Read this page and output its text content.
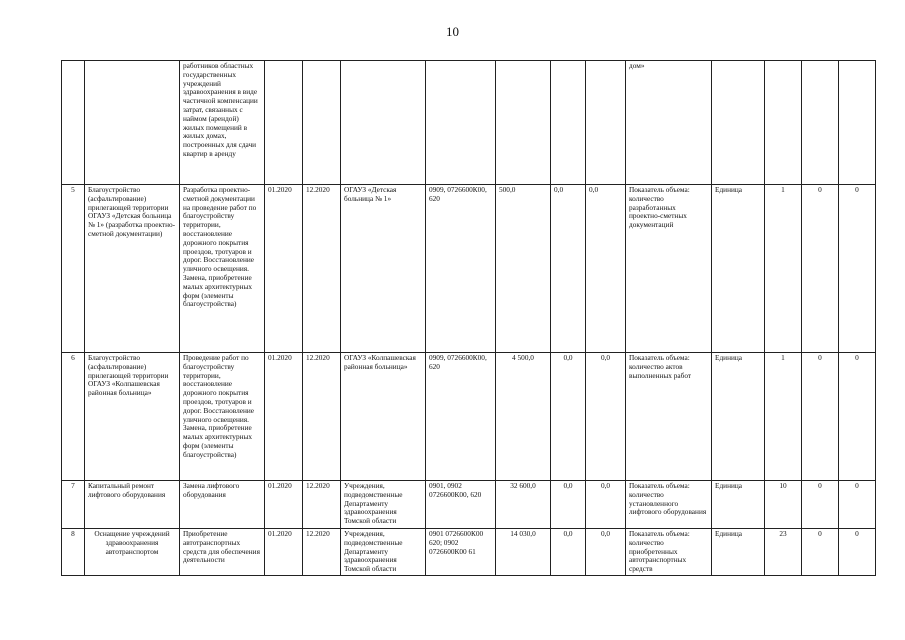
10
		работников областных государственных учреждений здравоохранения в виде частичной компенсации затрат, связанных с наймом (арендой) жилых помещений в жилых домах, построенных для сдачи квартир в аренду								дом»				
5	Благоустройство (асфальтирование) прилегающей территории ОГАУЗ «Детская больница № 1» (разработка проектно-сметной документации)	Разработка проектно-сметной документации на проведение работ по благоустройству территории, восстановление дорожного покрытия проездов, тротуаров и дорог. Восстановление уличного освещения. Замена, приобретение малых архитектурных форм (элементы благоустройства)	01.2020	12.2020	ОГАУЗ «Детская больница № 1»	0909, 0726600К00, 620	500,0	0,0	0,0	Показатель объема: количество разработанных проектно-сметных документаций	Единица	1	0	0
6	Благоустройство (асфальтирование) прилегающей территории ОГАУЗ «Колпашевская районная больница»	Проведение работ по благоустройству территории, восстановление дорожного покрытия проездов, тротуаров и дорог. Восстановление уличного освещения. Замена, приобретение малых архитектурных форм (элементы благоустройства)	01.2020	12.2020	ОГАУЗ «Колпашевская районная больница»	0909, 0726600К00, 620	4 500,0	0,0	0,0	Показатель объема: количество актов выполненных работ	Единица	1	0	0
7	Капитальный ремонт лифтового оборудования	Замена лифтового оборудования	01.2020	12.2020	Учреждения, подведомственные Департаменту здравоохранения Томской области	0901, 0902 0726600К00, 620	32 600,0	0,0	0,0	Показатель объема: количество установленного лифтового оборудования	Единица	10	0	0
8	Оснащение учреждений здравоохранения автотранспортом	Приобретение автотранспортных средств для обеспечения деятельности	01.2020	12.2020	Учреждения, подведомственные Департаменту здравоохранения Томской области	0901 0726600К00 620; 0902 0726600К00 61	14 030,0	0,0	0,0	Показатель объема: количество приобретенных автотранспортных средств	Единица	23	0	0
